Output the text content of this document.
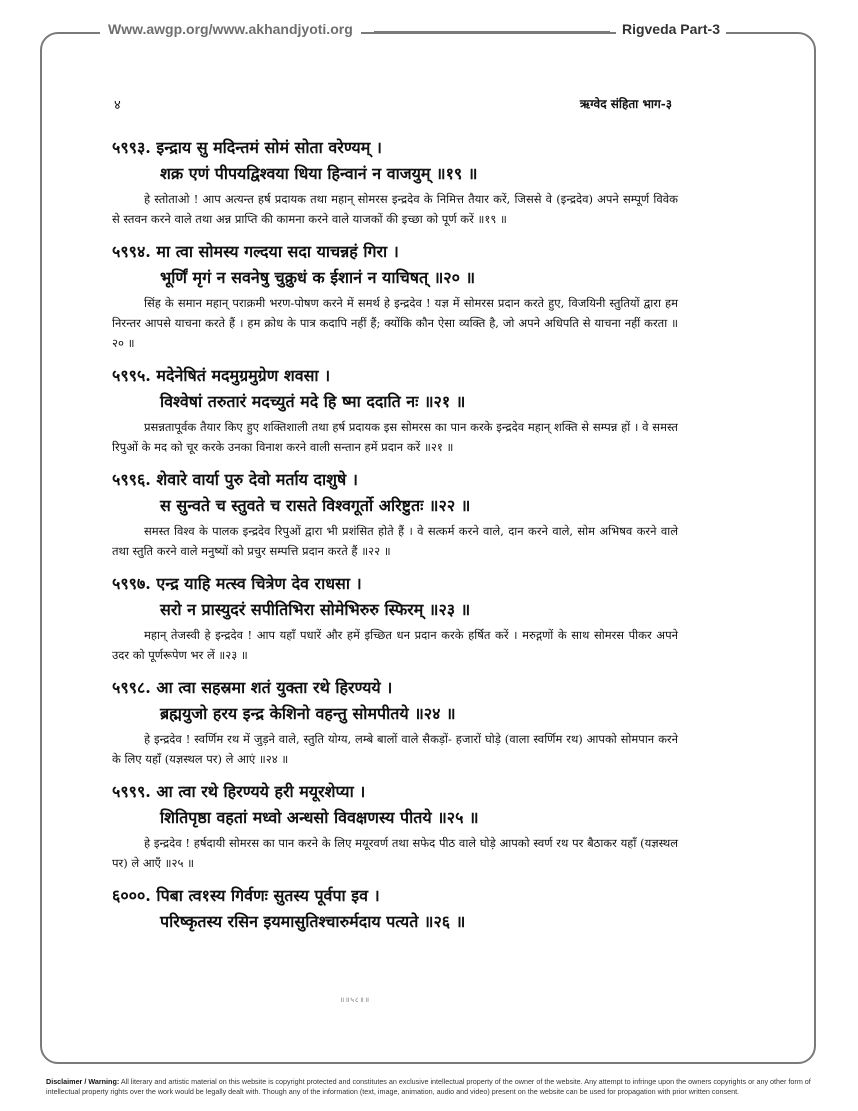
Www.awgp.org/www.akhandjyoti.org	Rigveda Part-3
४	ऋग्वेद संहिता भाग-३
५९९३. इन्द्राय सु मदिन्तमं सोमं सोता वरेण्यम् ।
शक्र एणं पीपयद्विश्वया धिया हिन्वानं न वाजयुम् ॥१९ ॥
हे स्तोताओ ! आप अत्यन्त हर्ष प्रदायक तथा महान् सोमरस इन्द्रदेव के निमित्त तैयार करें, जिससे वे (इन्द्रदेव) अपने सम्पूर्ण विवेक से स्तवन करने वाले तथा अन्न प्राप्ति की कामना करने वाले याजकों की इच्छा को पूर्ण करें ॥१९ ॥
५९९४. मा त्वा सोमस्य गल्दया सदा याचन्नहं गिरा ।
भूर्णिं मृगं न सवनेषु चुक्रुधं क ईशानं न याचिषत् ॥२० ॥
सिंह के समान महान् पराक्रमी भरण-पोषण करने में समर्थ हे इन्द्रदेव ! यज्ञ में सोमरस प्रदान करते हुए, विजयिनी स्तुतियों द्वारा हम निरन्तर आपसे याचना करते हैं । हम क्रोध के पात्र कदापि नहीं हैं; क्योंकि कौन ऐसा व्यक्ति है, जो अपने अधिपति से याचना नहीं करता ॥२० ॥
५९९५. मदेनेषितं मदमुग्रमुग्रेण शवसा ।
विश्वेषां तरुतारं मदच्युतं मदे हि ष्मा ददाति नः ॥२१ ॥
प्रसन्नतापूर्वक तैयार किए हुए शक्तिशाली तथा हर्ष प्रदायक इस सोमरस का पान करके इन्द्रदेव महान् शक्ति से सम्पन्न हों । वे समस्त रिपुओं के मद को चूर करके उनका विनाश करने वाली सन्तान हमें प्रदान करें ॥२१ ॥
५९९६. शेवारे वार्या पुरु देवो मर्ताय दाशुषे ।
स सुन्वते च स्तुवते च रासते विश्वगूर्तो अरिष्टुतः ॥२२ ॥
समस्त विश्व के पालक इन्द्रदेव रिपुओं द्वारा भी प्रशंसित होते हैं । वे सत्कर्म करने वाले, दान करने वाले, सोम अभिषव करने वाले तथा स्तुति करने वाले मनुष्यों को प्रचुर सम्पत्ति प्रदान करते हैं ॥२२ ॥
५९९७. एन्द्र याहि मत्स्व चित्रेण देव राधसा ।
सरो न प्रास्युदरं सपीतिभिरा सोमेभिरुरु स्फिरम् ॥२३ ॥
महान् तेजस्वी हे इन्द्रदेव ! आप यहाँ पधारें और हमें इच्छित धन प्रदान करके हर्षित करें । मरुद्गणों के साथ सोमरस पीकर अपने उदर को पूर्णरूपेण भर लें ॥२३ ॥
५९९८. आ त्वा सहस्रमा शतं युक्ता रथे हिरण्यये ।
ब्रह्मयुजो हरय इन्द्र केशिनो वहन्तु सोमपीतये ॥२४ ॥
हे इन्द्रदेव ! स्वर्णिम रथ में जुड़ने वाले, स्तुति योग्य, लम्बे बालों वाले सैकड़ों- हजारों घोड़े (वाला स्वर्णिम रथ) आपको सोमपान करने के लिए यहाँ (यज्ञस्थल पर) ले आएं ॥२४ ॥
५९९९. आ त्वा रथे हिरण्यये हरी मयूरशेप्या ।
शितिपृष्ठा वहतां मध्वो अन्धसो विवक्षणस्य पीतये ॥२५ ॥
हे इन्द्रदेव ! हर्षदायी सोमरस का पान करने के लिए मयूरवर्ण तथा सफेद पीठ वाले घोड़े आपको स्वर्ण रथ पर बैठाकर यहाँ (यज्ञस्थल पर) ले आएँ ॥२५ ॥
६०००. पिबा त्व१स्य गिर्वणः सुतस्य पूर्वपा इव ।
परिष्कृतस्य रसिन इयमासुतिश्चारुर्मदाय पत्यते ॥२६ ॥
॥॥५८॥॥
Disclaimer / Warning: All literary and artistic material on this website is copyright protected and constitutes an exclusive intellectual property of the owner of the website. Any attempt to infringe upon the owners copyrights or any other form of intellectual property rights over the work would be legally dealt with. Though any of the information (text, image, animation, audio and video) present on the website can be used for propagation with prior written consent.
